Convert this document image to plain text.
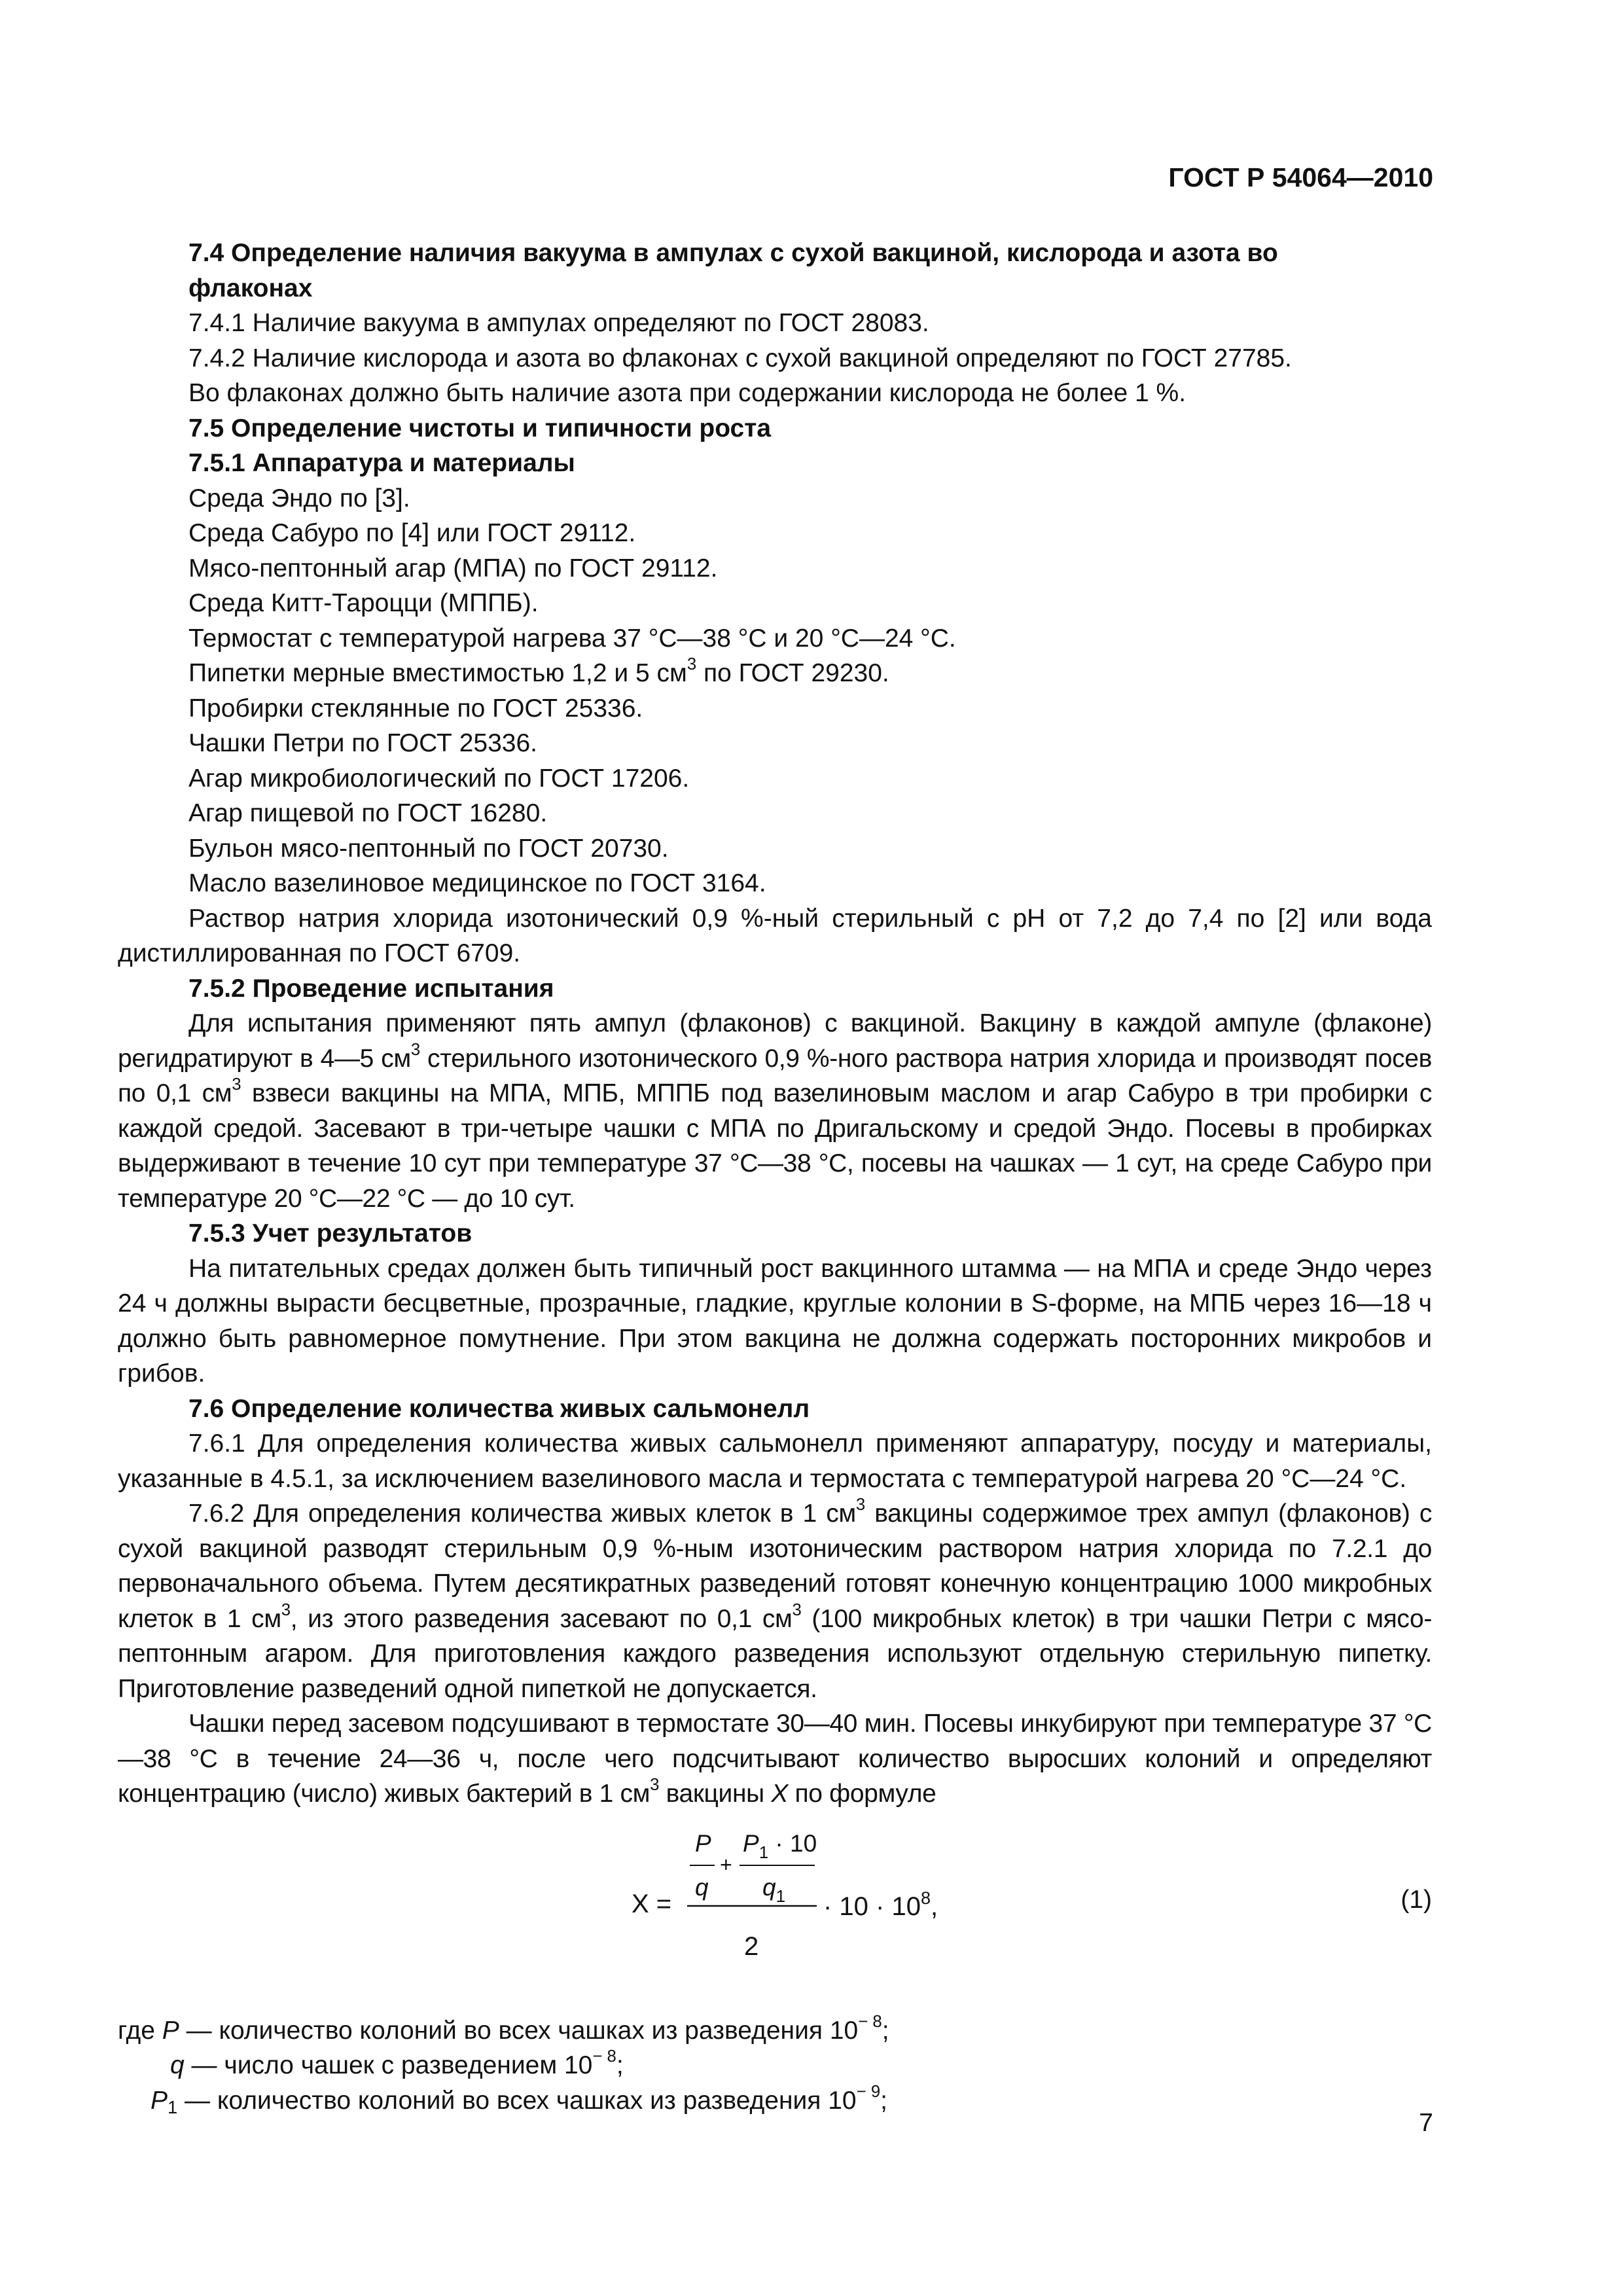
ГОСТ Р 54064—2010

7.4 Определение наличия вакуума в ампулах с сухой вакциной, кислорода и азота во

флаконах

7.4.1 Наличие вакуума в ампулах определяют по ГОСТ 28083.

7.4.2 Наличие кислорода и азота во флаконах с сухой вакциной определяют по ГОСТ 27785.

Во флаконах должно быть наличие азота при содержании кислорода не более 1 %.

7.5 Определение чистоты и типичности роста

7.5.1 Аппаратура и материалы

Среда Эндо по [3].

Среда Сабуро по [4] или ГОСТ 29112.

Мясо-пептонный агар (МПА) по ГОСТ 29112.

Среда Китт-Тароцци (МППБ).

Термостат с температурой нагрева 37 °С—38 °С и 20 °С—24 °С.

Пипетки мерные вместимостью 1,2 и 5 $см^3$ по ГОСТ 29230.

Пробирки стеклянные по ГОСТ 25336.

Чашки Петри по ГОСТ 25336.

Агар микробиологический по ГОСТ 17206.

Агар пищевой по ГОСТ 16280.

Бульон мясо-пептонный по ГОСТ 20730.

Масло вазелиновое медицинское по ГОСТ 3164.

Раствор натрия хлорида изотонический 0,9 %-ный стерильный с pH от 7,2 до 7,4 по [2] или вода дистиллированная по ГОСТ 6709.

7.5.2 Проведение испытания

Для испытания применяют пять ампул (флаконов) с вакциной. Вакцину в каждой ампуле (флаконе) регидратируют в 4—5 $см^3$ стерильного изотонического 0,9 %-ного раствора натрия хлорида и производят посев по 0,1 $см^3$ взвеси вакцины на МПА, МПБ, МППБ под вазелиновым маслом и агар Сабуро в три пробирки с каждой средой. Засевают в три-четыре чашки с МПА по Дригальскому и средой Эндо. Посевы в пробирках выдерживают в течение 10 сут при температуре 37 °С—38 °С, посевы на чашках — 1 сут, на среде Сабуро при температуре 20 °С—22 °С — до 10 сут.

7.5.3 Учет результатов

На питательных средах должен быть типичный рост вакцинного штамма — на МПА и среде Эндо через 24 ч должны вырасти бесцветные, прозрачные, гладкие, круглые колонии в S-форме, на МПБ через 16—18 ч должно быть равномерное помутнение. При этом вакцина не должна содержать посторонних микробов и грибов.

7.6 Определение количества живых сальмонелл

7.6.1 Для определения количества живых сальмонелл применяют аппаратуру, посуду и материалы, указанные в 4.5.1, за исключением вазелинового масла и термостата с температурой нагрева 20 °С—24 °С.

7.6.2 Для определения количества живых клеток в 1 $см^3$ вакцины содержимое трех ампул (флаконов) с сухой вакциной разводят стерильным 0,9 %-ным изотоническим раствором натрия хлорида по 7.2.1 до первоначального объема. Путем десятикратных разведений готовят конечную концентрацию 1000 микробных клеток в 1 $см^3$, из этого разведения засевают по 0,1 $см^3$ (100 микробных клеток) в три чашки Петри с мясо-пептонным агаром. Для приготовления каждого разведения используют отдельную стерильную пипетку. Приготовление разведений одной пипеткой не допускается.

Чашки перед засевом подсушивают в термостате 30—40 мин. Посевы инкубируют при температуре 37 °С—38 °С в течение 24—36 ч, после чего подсчитывают количество выросших колоний и определяют концентрацию (число) живых бактерий в 1 $см^3$ вакцины X по формуле

X =
P
q
+
$P_1 \cdot 10$
$q_1$
2
· $10 \cdot 10^8$,	(1)

где P — количество колоний во всех чашках из разведения $10^{- 8}$;

q — число чашек с разведением $10^{- 8}$;

$P_1$ — количество колоний во всех чашках из разведения $10^{- 9}$;

7
